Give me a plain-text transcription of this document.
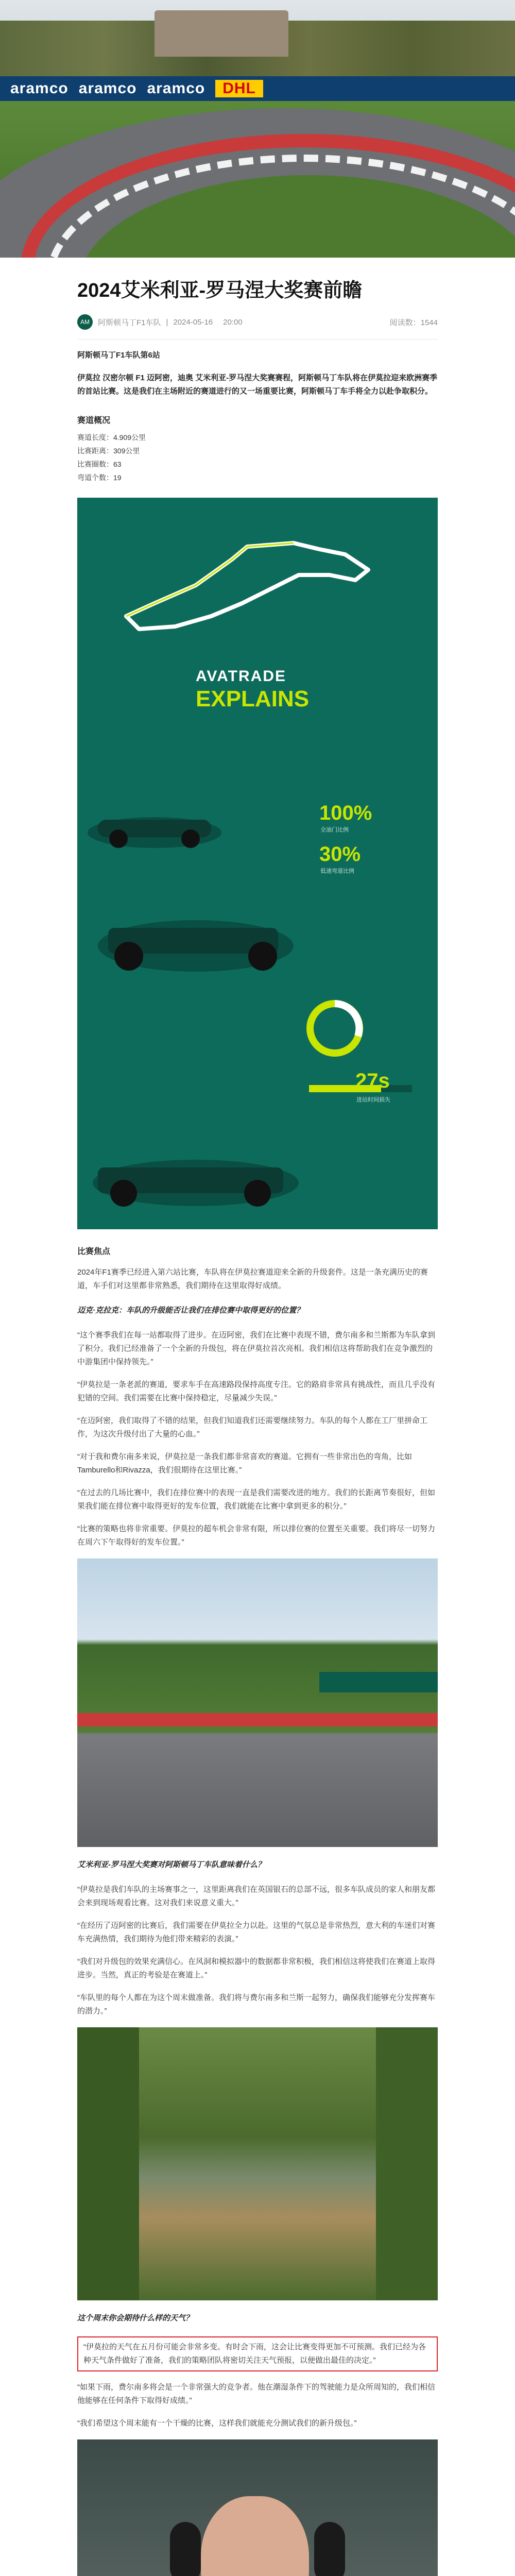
aramco aramco aramco	DHL
2024艾米利亚-罗马涅大奖赛前瞻
AM	阿斯顿马丁F1车队 | 2024-05-16 20:00	阅读数：1544
阿斯顿马丁F1车队第6站
伊莫拉 汉密尔顿 F1 迈阿密，迪奥 艾米利亚-罗马涅大奖赛赛程，阿斯顿马丁车队将在伊莫拉迎来欧洲赛季的首站比赛。这是我们在主场附近的赛道进行的又一场重要比赛，阿斯顿马丁车手将全力以赴争取积分。
赛道概况
赛道长度：4.909公里
比赛距离：309公里
比赛圈数：63
弯道个数：19
AVATRADE
EXPLAINS
100%
全油门比例
30%
低速弯道比例
27s
进站时间损失
比赛焦点
2024年F1赛季已经进入第六站比赛，车队将在伊莫拉赛道迎来全新的升级套件。这是一条充满历史的赛道，车手们对这里都非常熟悉，我们期待在这里取得好成绩。
迈克·克拉克：车队的升级能否让我们在排位赛中取得更好的位置？
“这个赛季我们在每一站都取得了进步。在迈阿密，我们在比赛中表现不错，费尔南多和兰斯都为车队拿到了积分。我们已经准备了一个全新的升级包，将在伊莫拉首次亮相。我们相信这将帮助我们在竞争激烈的中游集团中保持领先。”
“伊莫拉是一条老派的赛道，要求车手在高速路段保持高度专注。它的路肩非常具有挑战性，而且几乎没有犯错的空间。我们需要在比赛中保持稳定，尽量减少失误。”
“在迈阿密，我们取得了不错的结果，但我们知道我们还需要继续努力。车队的每个人都在工厂里拼命工作，为这次升级付出了大量的心血。”
“对于我和费尔南多来说，伊莫拉是一条我们都非常喜欢的赛道。它拥有一些非常出色的弯角，比如Tamburello和Rivazza，我们很期待在这里比赛。”
“在过去的几场比赛中，我们在排位赛中的表现一直是我们需要改进的地方。我们的长距离节奏很好，但如果我们能在排位赛中取得更好的发车位置，我们就能在比赛中拿到更多的积分。”
“比赛的策略也将非常重要。伊莫拉的超车机会非常有限，所以排位赛的位置至关重要。我们将尽一切努力在周六下午取得好的发车位置。”
艾米利亚-罗马涅大奖赛对阿斯顿马丁车队意味着什么？
“伊莫拉是我们车队的主场赛事之一，这里距离我们在英国银石的总部不远，很多车队成员的家人和朋友都会来到现场观看比赛。这对我们来说意义重大。”
“在经历了迈阿密的比赛后，我们需要在伊莫拉全力以赴。这里的气氛总是非常热烈，意大利的车迷们对赛车充满热情，我们期待为他们带来精彩的表演。”
“我们对升级包的效果充满信心。在风洞和模拟器中的数据都非常积极，我们相信这将使我们在赛道上取得进步。当然，真正的考验是在赛道上。”
“车队里的每个人都在为这个周末做准备。我们将与费尔南多和兰斯一起努力，确保我们能够充分发挥赛车的潜力。”
这个周末你会期待什么样的天气？
“伊莫拉的天气在五月份可能会非常多变。有时会下雨，这会让比赛变得更加不可预测。我们已经为各种天气条件做好了准备，我们的策略团队将密切关注天气预报，以便做出最佳的决定。”
“如果下雨，费尔南多将会是一个非常强大的竞争者。他在潮湿条件下的驾驶能力是众所周知的，我们相信他能够在任何条件下取得好成绩。”
“我们希望这个周末能有一个干燥的比赛，这样我们就能充分测试我们的新升级包。”
